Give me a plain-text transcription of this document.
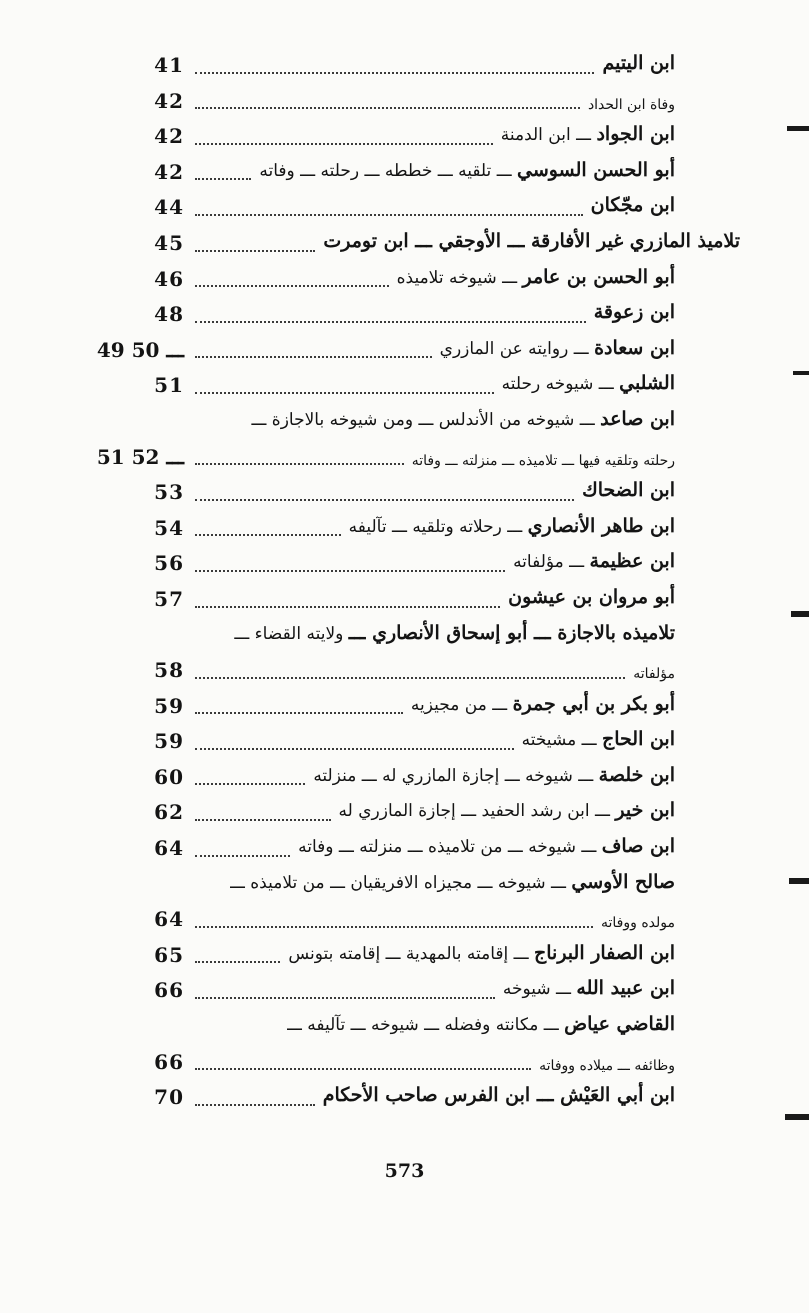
ابن اليتيم
41
وفاة ابن الحداد
42
ابن الجواد ـــ ابن الدمنة
42
أبو الحسن السوسي ـــ تلقيه ـــ خططه ـــ رحلته ـــ وفاته
42
ابن مجّكان
44
تلاميذ المازري غير الأفارقة ـــ الأوجقي ـــ ابن تومرت
45
أبو الحسن بن عامر ـــ شيوخه تلاميذه
46
ابن زعوقة
48
ابن سعادة ـــ روايته عن المازري
49 ـــ 50
الشلبي ـــ شيوخه رحلته
51
ابن صاعد ـــ شيوخه من الأندلس ـــ ومن شيوخه بالاجازة ـــ
رحلته وتلقيه فيها ـــ تلاميذه ـــ منزلته ـــ وفاته
51 ـــ 52
ابن الضحاك
53
ابن طاهر الأنصاري ـــ رحلاته وتلقيه ـــ تآليفه
54
ابن عظيمة ـــ مؤلفاته
56
أبو مروان بن عيشون
57
تلاميذه بالاجازة ـــ أبو إسحاق الأنصاري ـــ ولايته القضاء ـــ
مؤلفاته
58
أبو بكر بن أبي جمرة ـــ من مجيزيه
59
ابن الحاج ـــ مشيخته
59
ابن خلصة ـــ شيوخه ـــ إجازة المازري له ـــ منزلته
60
ابن خير ـــ ابن رشد الحفيد ـــ إجازة المازري له
62
ابن صاف ـــ شيوخه ـــ من تلاميذه ـــ منزلته ـــ وفاته
64
صالح الأوسي ـــ شيوخه ـــ مجيزاه الافريقيان ـــ من تلاميذه ـــ
مولده ووفاته
64
ابن الصفار البرناج ـــ إقامته بالمهدية ـــ إقامته بتونس
65
ابن عبيد الله ـــ شيوخه
66
القاضي عياض ـــ مكانته وفضله ـــ شيوخه ـــ تآليفه ـــ
وظائفه ـــ ميلاده ووفاته
66
ابن أبي العَيْش ـــ ابن الفرس صاحب الأحكام
70
573
